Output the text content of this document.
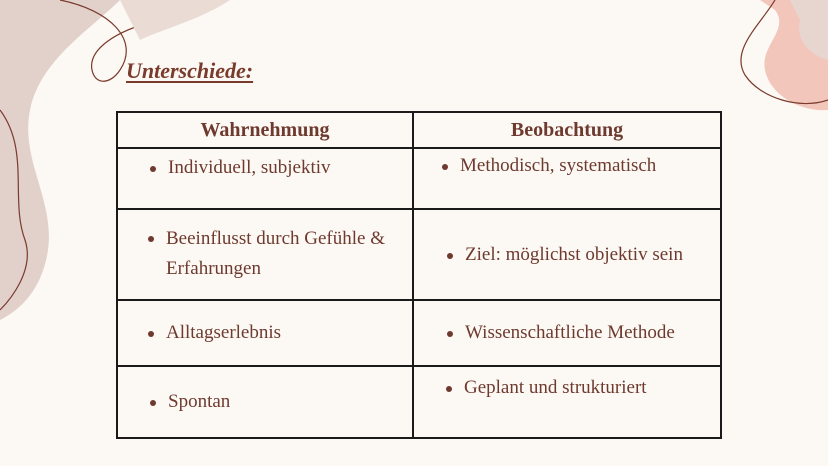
Unterschiede:
Wahrnehmung	Beobachtung

Individuell, subjektiv	Methodisch, systematisch

Beeinflusst durch Gefühle & Erfahrungen	Ziel: möglichst objektiv sein

Alltagserlebnis	Wissenschaftliche Methode

Spontan	Geplant und strukturiert
